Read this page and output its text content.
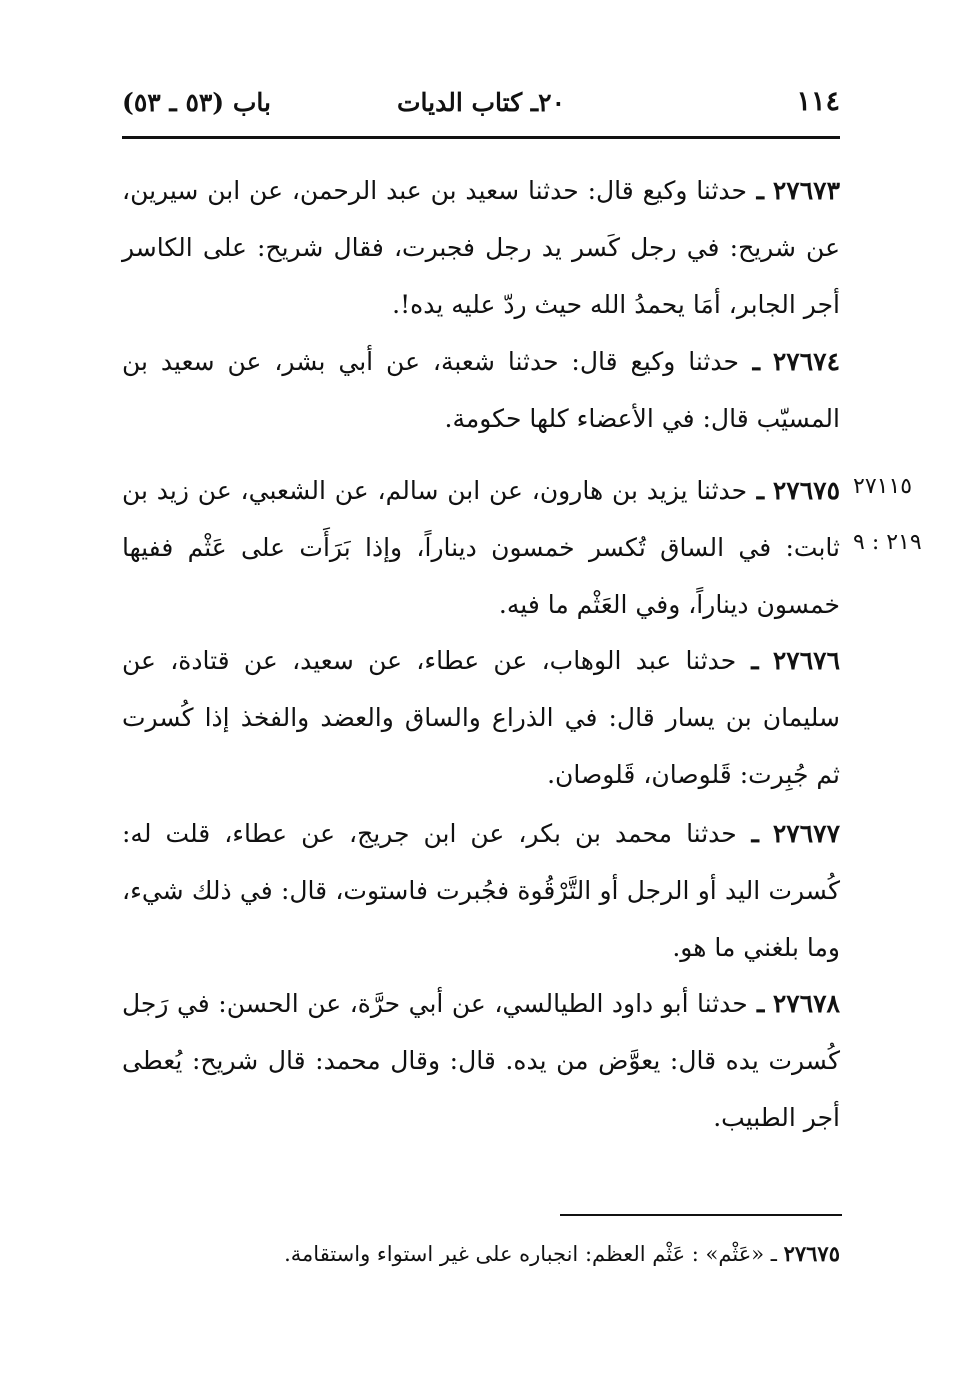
١١٤
٢٠ـ كتاب الديات
باب (٥٣ ـ ٥٣)
٢٧٦٧٣ ـ حدثنا وكيع قال: حدثنا سعيد بن عبد الرحمن، عن ابن سيرين، عن شريح: في رجل كَسر يد رجل فجبرت، فقال شريح: على الكاسر أجر الجابر، أمَا يحمدُ الله حيث ردّ عليه يده!.
٢٧٦٧٤ ـ حدثنا وكيع قال: حدثنا شعبة، عن أبي بشر، عن سعيد بن المسيّب قال: في الأعضاء كلها حكومة.
٢٧٦٧٥ ـ حدثنا يزيد بن هارون، عن ابن سالم، عن الشعبي، عن زيد بن ثابت: في الساق تُكسر خمسون ديناراً، وإذا بَرَأَت على عَثْم ففيها خمسون ديناراً، وفي العَثْم ما فيه.
٢٧١١٥
٢١٩ : ٩
٢٧٦٧٦ ـ حدثنا عبد الوهاب، عن عطاء، عن سعيد، عن قتادة، عن سليمان بن يسار قال: في الذراع والساق والعضد والفخذ إذا كُسرت ثم جُبِرت: قَلوصان، قَلوصان.
٢٧٦٧٧ ـ حدثنا محمد بن بكر، عن ابن جريج، عن عطاء، قلت له: كُسرت اليد أو الرجل أو التَّرْقُوة فجُبرت فاستوت، قال: في ذلك شيء، وما بلغني ما هو.
٢٧٦٧٨ ـ حدثنا أبو داود الطيالسي، عن أبي حرَّة، عن الحسن: في رَجل كُسرت يده قال: يعوَّض من يده. قال: وقال محمد: قال شريح: يُعطى أجر الطبيب.
٢٧٦٧٥ ـ «عَثْم» : عَثْم العظم: انجباره على غير استواء واستقامة.
